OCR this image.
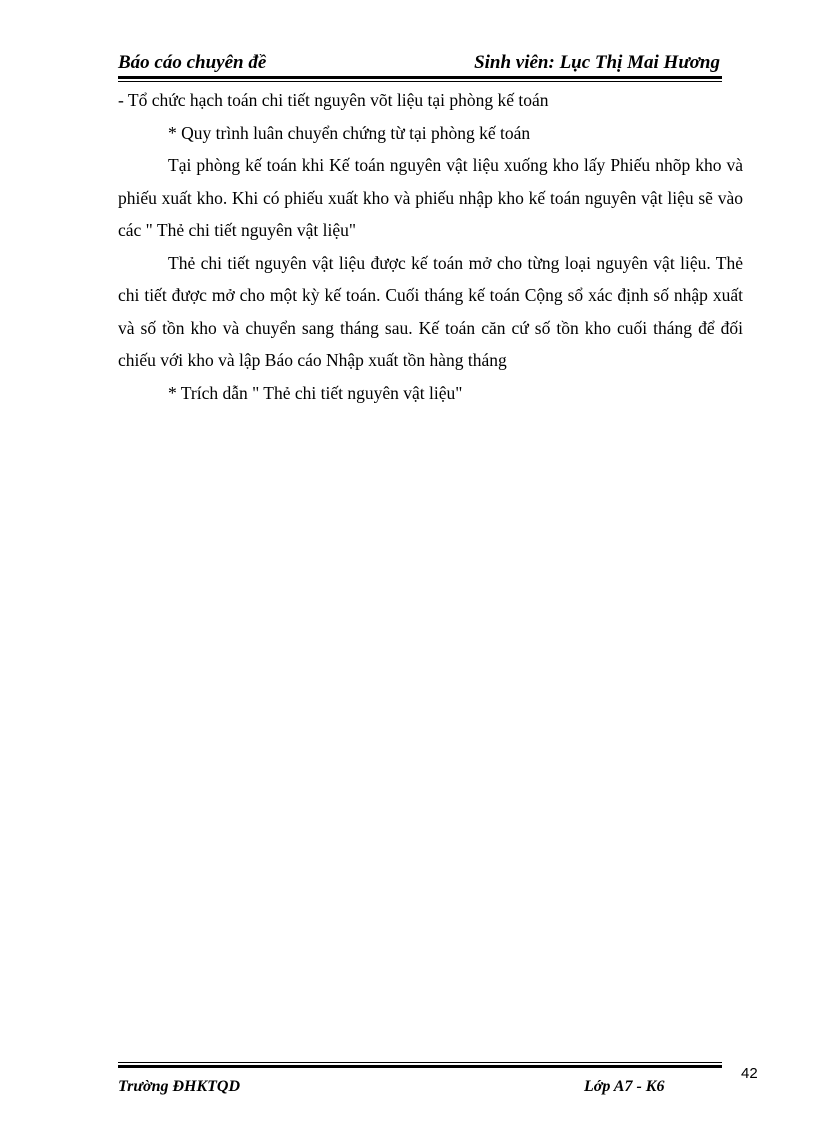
Báo cáo chuyên đề	Sinh viên: Lục Thị Mai Hương

- Tổ chức hạch toán chi tiết nguyên võt liệu tại phòng kế toán

* Quy trình luân chuyển chứng từ tại phòng kế toán

Tại phòng kế toán khi Kế toán nguyên vật liệu xuống kho lấy Phiếu nhõp kho và phiếu xuất kho. Khi có phiếu xuất kho và phiếu nhập kho kế toán nguyên vật liệu sẽ vào các " Thẻ chi tiết nguyên vật liệu"

Thẻ chi tiết nguyên vật liệu được kế toán mở cho từng loại nguyên vật liệu. Thẻ chi tiết được mở cho một kỳ kế toán. Cuối tháng kế toán Cộng sổ xác định số nhập xuất và số tồn kho và chuyển sang tháng sau. Kế toán căn cứ số tồn kho cuối tháng để đối chiếu với kho và lập Báo cáo Nhập xuất tồn hàng tháng

* Trích dẫn " Thẻ chi tiết nguyên vật liệu"

Trường ĐHKTQD	Lớp A7 - K6
42
